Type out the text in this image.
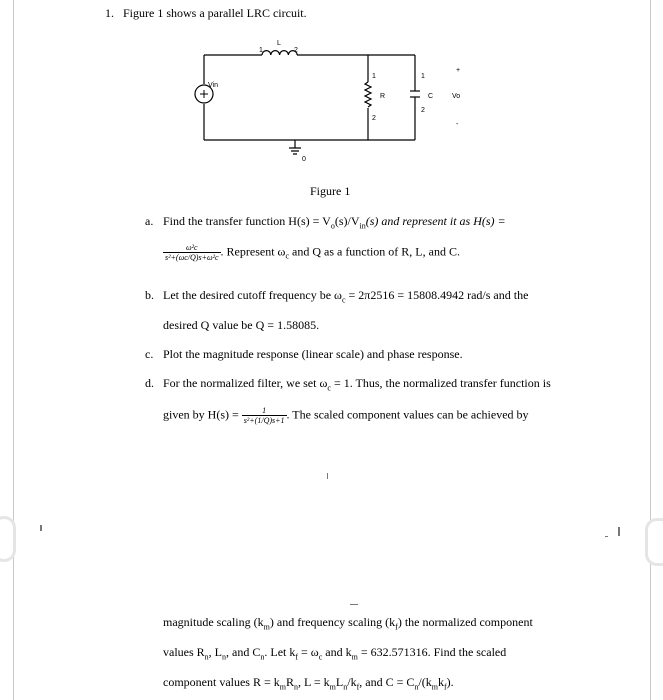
1. Figure 1 shows a parallel LRC circuit.
L
1	2
Vin
R
1
2
C
1
2
Vo
+
-
0
Figure 1
a. Find the transfer function $H(s) = V_o(s)/V_{in}(s)$ and represent it as H(s) =
$\frac{\text{ω²c}}{\text{s²+(ωc/Q)s+ω²c}}$ . Represent $\omega_c$ and Q as a function of R, L, and C.
b. Let the desired cutoff frequency be $\omega_c = 2\pi 2516 = 15808.4942$ rad/s and the
desired Q value be Q = 1.58085.
c. Plot the magnitude response (linear scale) and phase response.
d. For the normalized filter, we set $\omega_c = 1$. Thus, the normalized transfer function is
given by $H(s) = \frac{1}{\text{s²+(1/Q)s+1}}$ . The scaled component values can be achieved by
magnitude scaling $(k_m)$ and frequency scaling $(k_f)$ the normalized component
values $R_n$, $L_n$, and $C_n$. Let $k_f = \omega_c$ and $k_m = 632.571316$. Find the scaled
component values $R = k_mR_n$, $L = k_mL_n/k_f$, and $C = C_n/(k_mk_f)$.
